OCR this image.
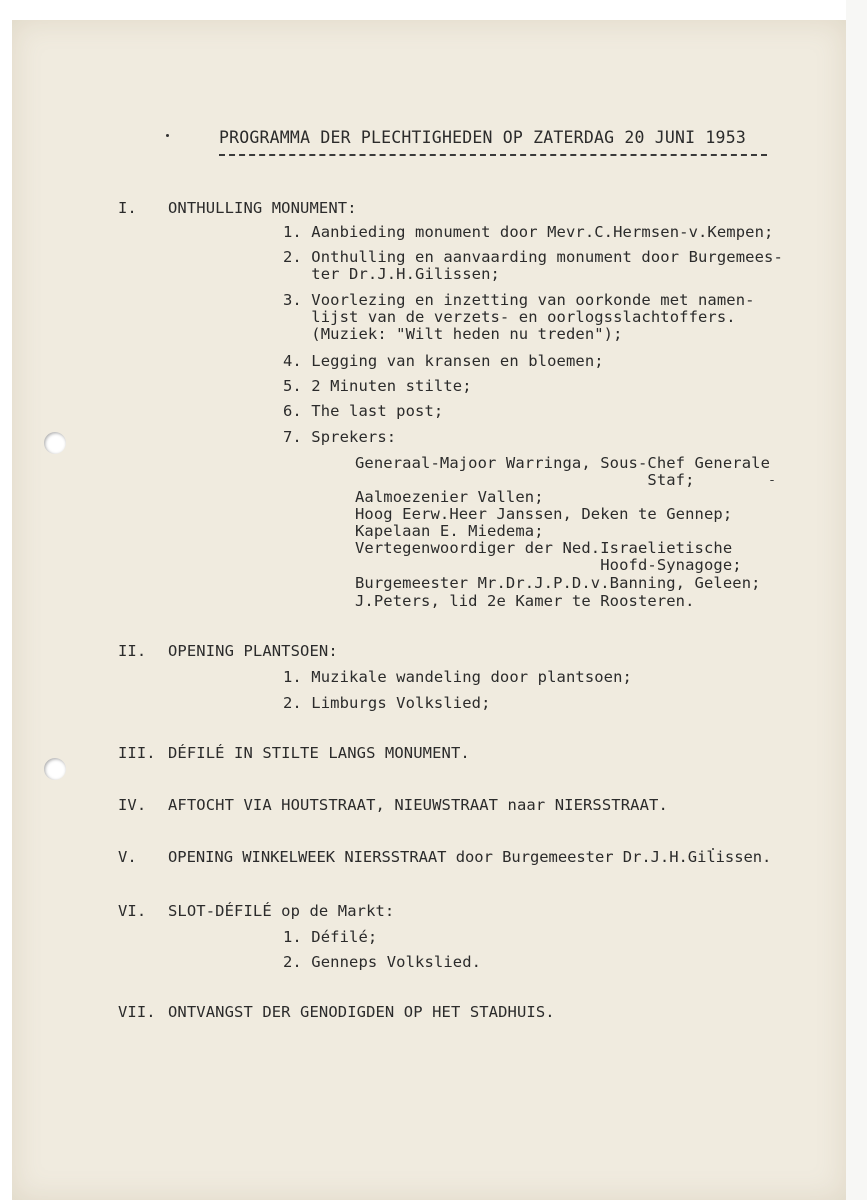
PROGRAMMA DER PLECHTIGHEDEN OP ZATERDAG 20 JUNI 1953
I. ONTHULLING MONUMENT:
1. Aanbieding monument door Mevr.C.Hermsen-v.Kempen;
2. Onthulling en aanvaarding monument door Burgemees-
ter Dr.J.H.Gilissen;
3. Voorlezing en inzetting van oorkonde met namen-
lijst van de verzets- en oorlogsslachtoffers.
(Muziek: "Wilt heden nu treden");
4. Legging van kransen en bloemen;
5. 2 Minuten stilte;
6. The last post;
7. Sprekers:
Generaal-Majoor Warringa, Sous-Chef Generale
Staf;
Aalmoezenier Vallen;
Hoog Eerw.Heer Janssen, Deken te Gennep;
Kapelaan E. Miedema;
Vertegenwoordiger der Ned.Israelietische
Hoofd-Synagoge;
Burgemeester Mr.Dr.J.P.D.v.Banning, Geleen;
J.Peters, lid 2e Kamer te Roosteren.
II. OPENING PLANTSOEN:
1. Muzikale wandeling door plantsoen;
2. Limburgs Volkslied;
III. DÉFILÉ IN STILTE LANGS MONUMENT.
IV. AFTOCHT VIA HOUTSTRAAT, NIEUWSTRAAT naar NIERSSTRAAT.
V. OPENING WINKELWEEK NIERSSTRAAT door Burgemeester Dr.J.H.Gilissen.
VI. SLOT-DÉFILÉ op de Markt:
1. Défilé;
2. Genneps Volkslied.
VII. ONTVANGST DER GENODIGDEN OP HET STADHUIS.
